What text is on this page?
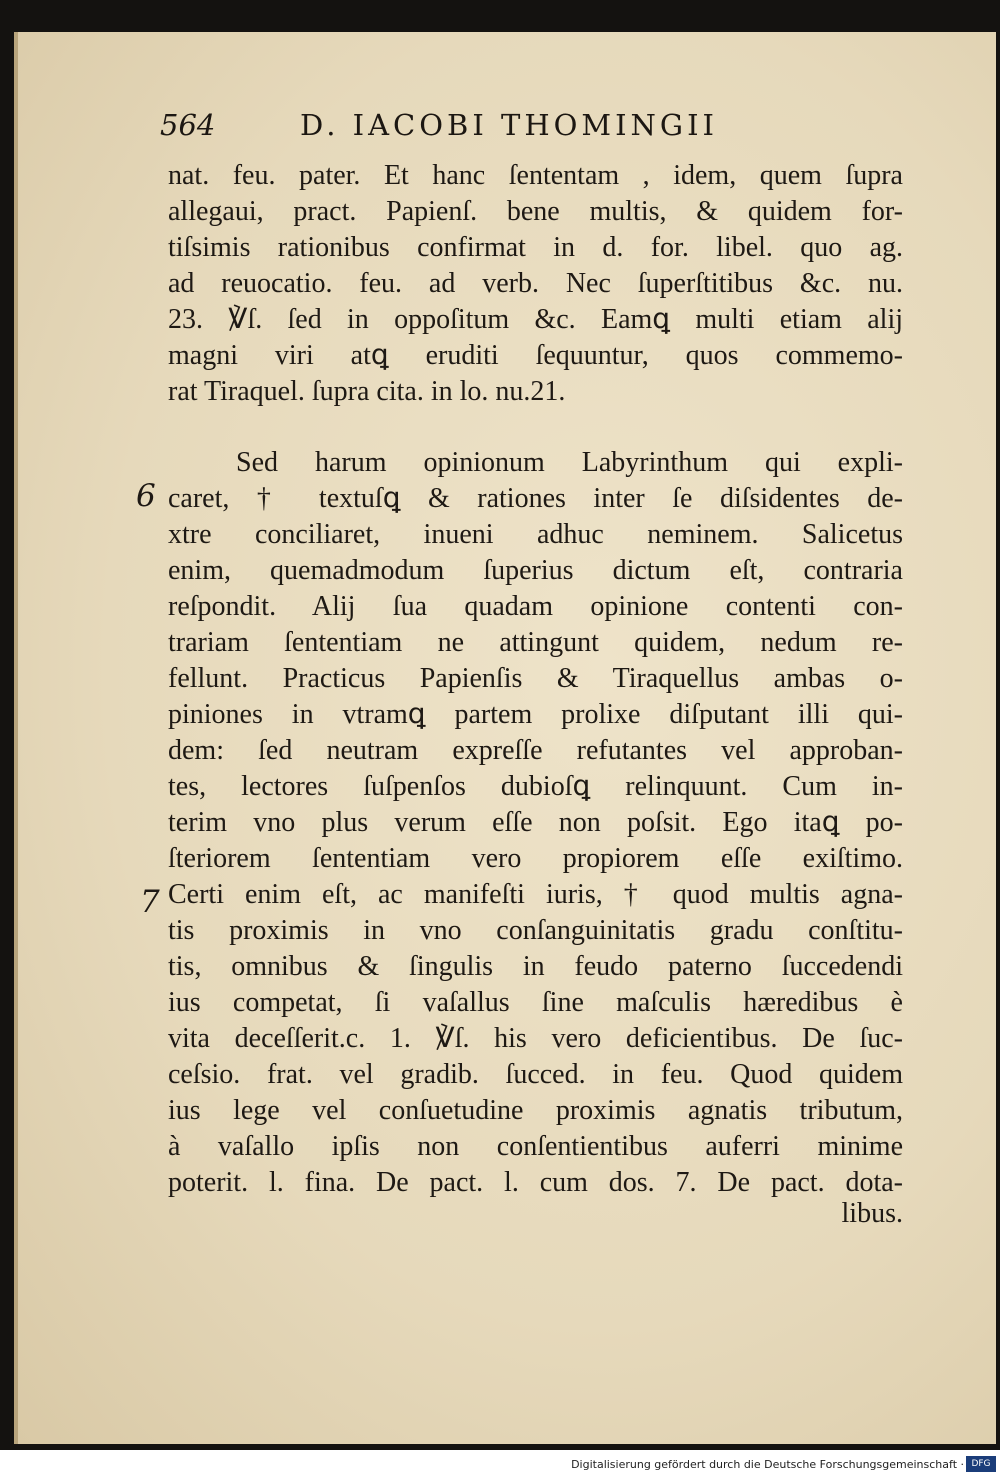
564	D. IACOBI THOMINGII
nat. feu. pater. Et hanc ſententam , idem, quem ſupra
allegaui, pract. Papienſ. bene multis, & quidem for-
tiſsimis rationibus confirmat in d. for. libel. quo ag.
ad reuocatio. feu. ad verb. Nec ſuperſtitibus &c. nu.
23. ℣ſ. ſed in oppoſitum &c. Eamꝗ multi etiam alij
magni viri atꝗ eruditi ſequuntur, quos commemo-
rat Tiraquel. ſupra cita. in lo. nu.21.
Sed harum opinionum Labyrinthum qui expli-
caret, † textuſꝗ & rationes inter ſe diſsidentes de-
xtre conciliaret, inueni adhuc neminem. Salicetus
enim, quemadmodum ſuperius dictum eſt, contraria
reſpondit. Alij ſua quadam opinione contenti con-
trariam ſententiam ne attingunt quidem, nedum re-
fellunt. Practicus Papienſis & Tiraquellus ambas o-
piniones in vtramꝗ partem prolixe diſputant illi qui-
dem: ſed neutram expreſſe refutantes vel approban-
tes, lectores ſuſpenſos dubioſꝗ relinquunt. Cum in-
terim vno plus verum eſſe non poſsit. Ego itaꝗ po-
ſteriorem ſententiam vero propiorem eſſe exiſtimo.
Certi enim eſt, ac manifeſti iuris, † quod multis agna-
tis proximis in vno conſanguinitatis gradu conſtitu-
tis, omnibus & ſingulis in feudo paterno ſuccedendi
ius competat, ſi vaſallus ſine maſculis hæredibus è
vita deceſſerit.c. 1. ℣ſ. his vero deficientibus. De ſuc-
ceſsio. frat. vel gradib. ſucced. in feu. Quod quidem
ius lege vel conſuetudine proximis agnatis tributum,
à vaſallo ipſis non conſentientibus auferri minime
poterit. l. fina. De pact. l. cum dos. 7. De pact. dota-
libus.
6
7
Digitalisierung gefördert durch die Deutsche Forschungsgemeinschaft · DFG
